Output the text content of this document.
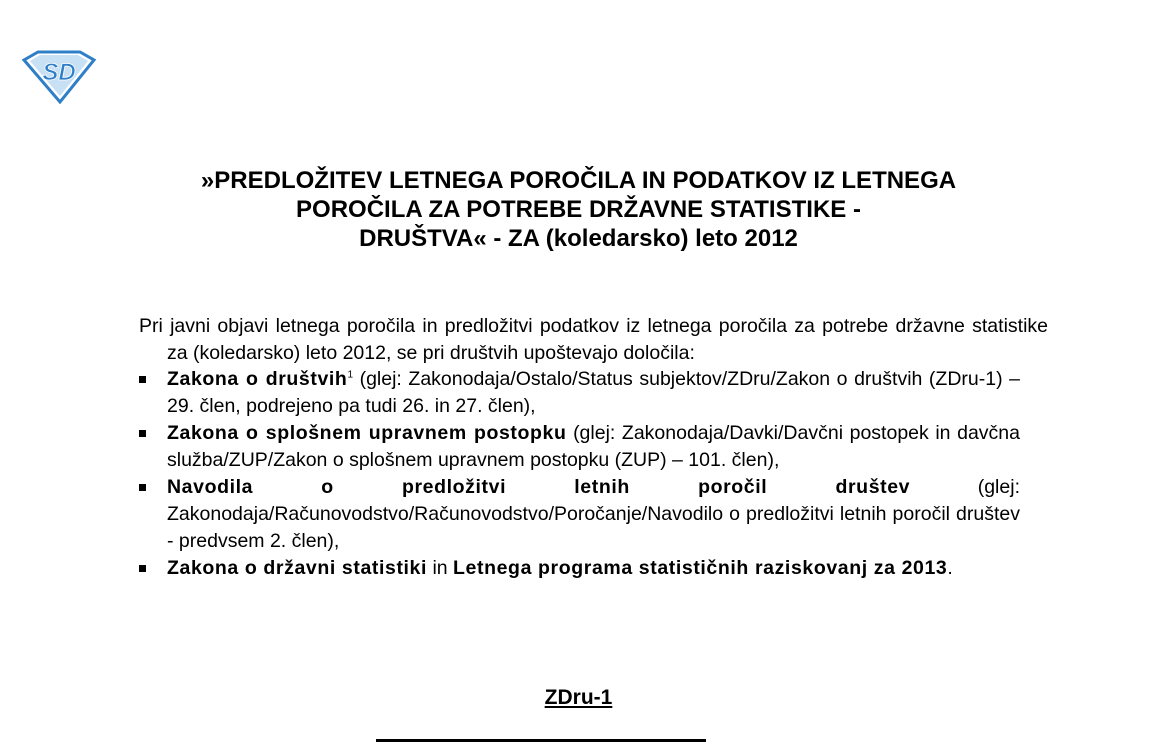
SD
»PREDLOŽITEV LETNEGA POROČILA IN PODATKOV IZ LETNEGA
POROČILA ZA POTREBE DRŽAVNE STATISTIKE -
DRUŠTVA« - ZA (koledarsko) leto 2012

Pri javni objavi letnega poročila in predložitvi podatkov iz letnega poročila za potrebe državne statistike za (koledarsko) leto 2012, se pri društvih upoštevajo določila:

Zakona o društvih$^1$ (glej: Zakonodaja/Ostalo/Status subjektov/ZDru/Zakon o društvih (ZDru-1) – 29. člen, podrejeno pa tudi 26. in 27. člen),
Zakona o splošnem upravnem postopku (glej: Zakonodaja/Davki/Davčni postopek in davčna služba/ZUP/Zakon o splošnem upravnem postopku (ZUP) – 101. člen),
Navodila o predložitvi letnih poročil društev (glej: Zakonodaja/Računovodstvo/Računovodstvo/Poročanje/Navodilo o predložitvi letnih poročil društev - predvsem 2. člen),
Zakona o državni statistiki in Letnega programa statističnih raziskovanj za 2013.
ZDru-1
